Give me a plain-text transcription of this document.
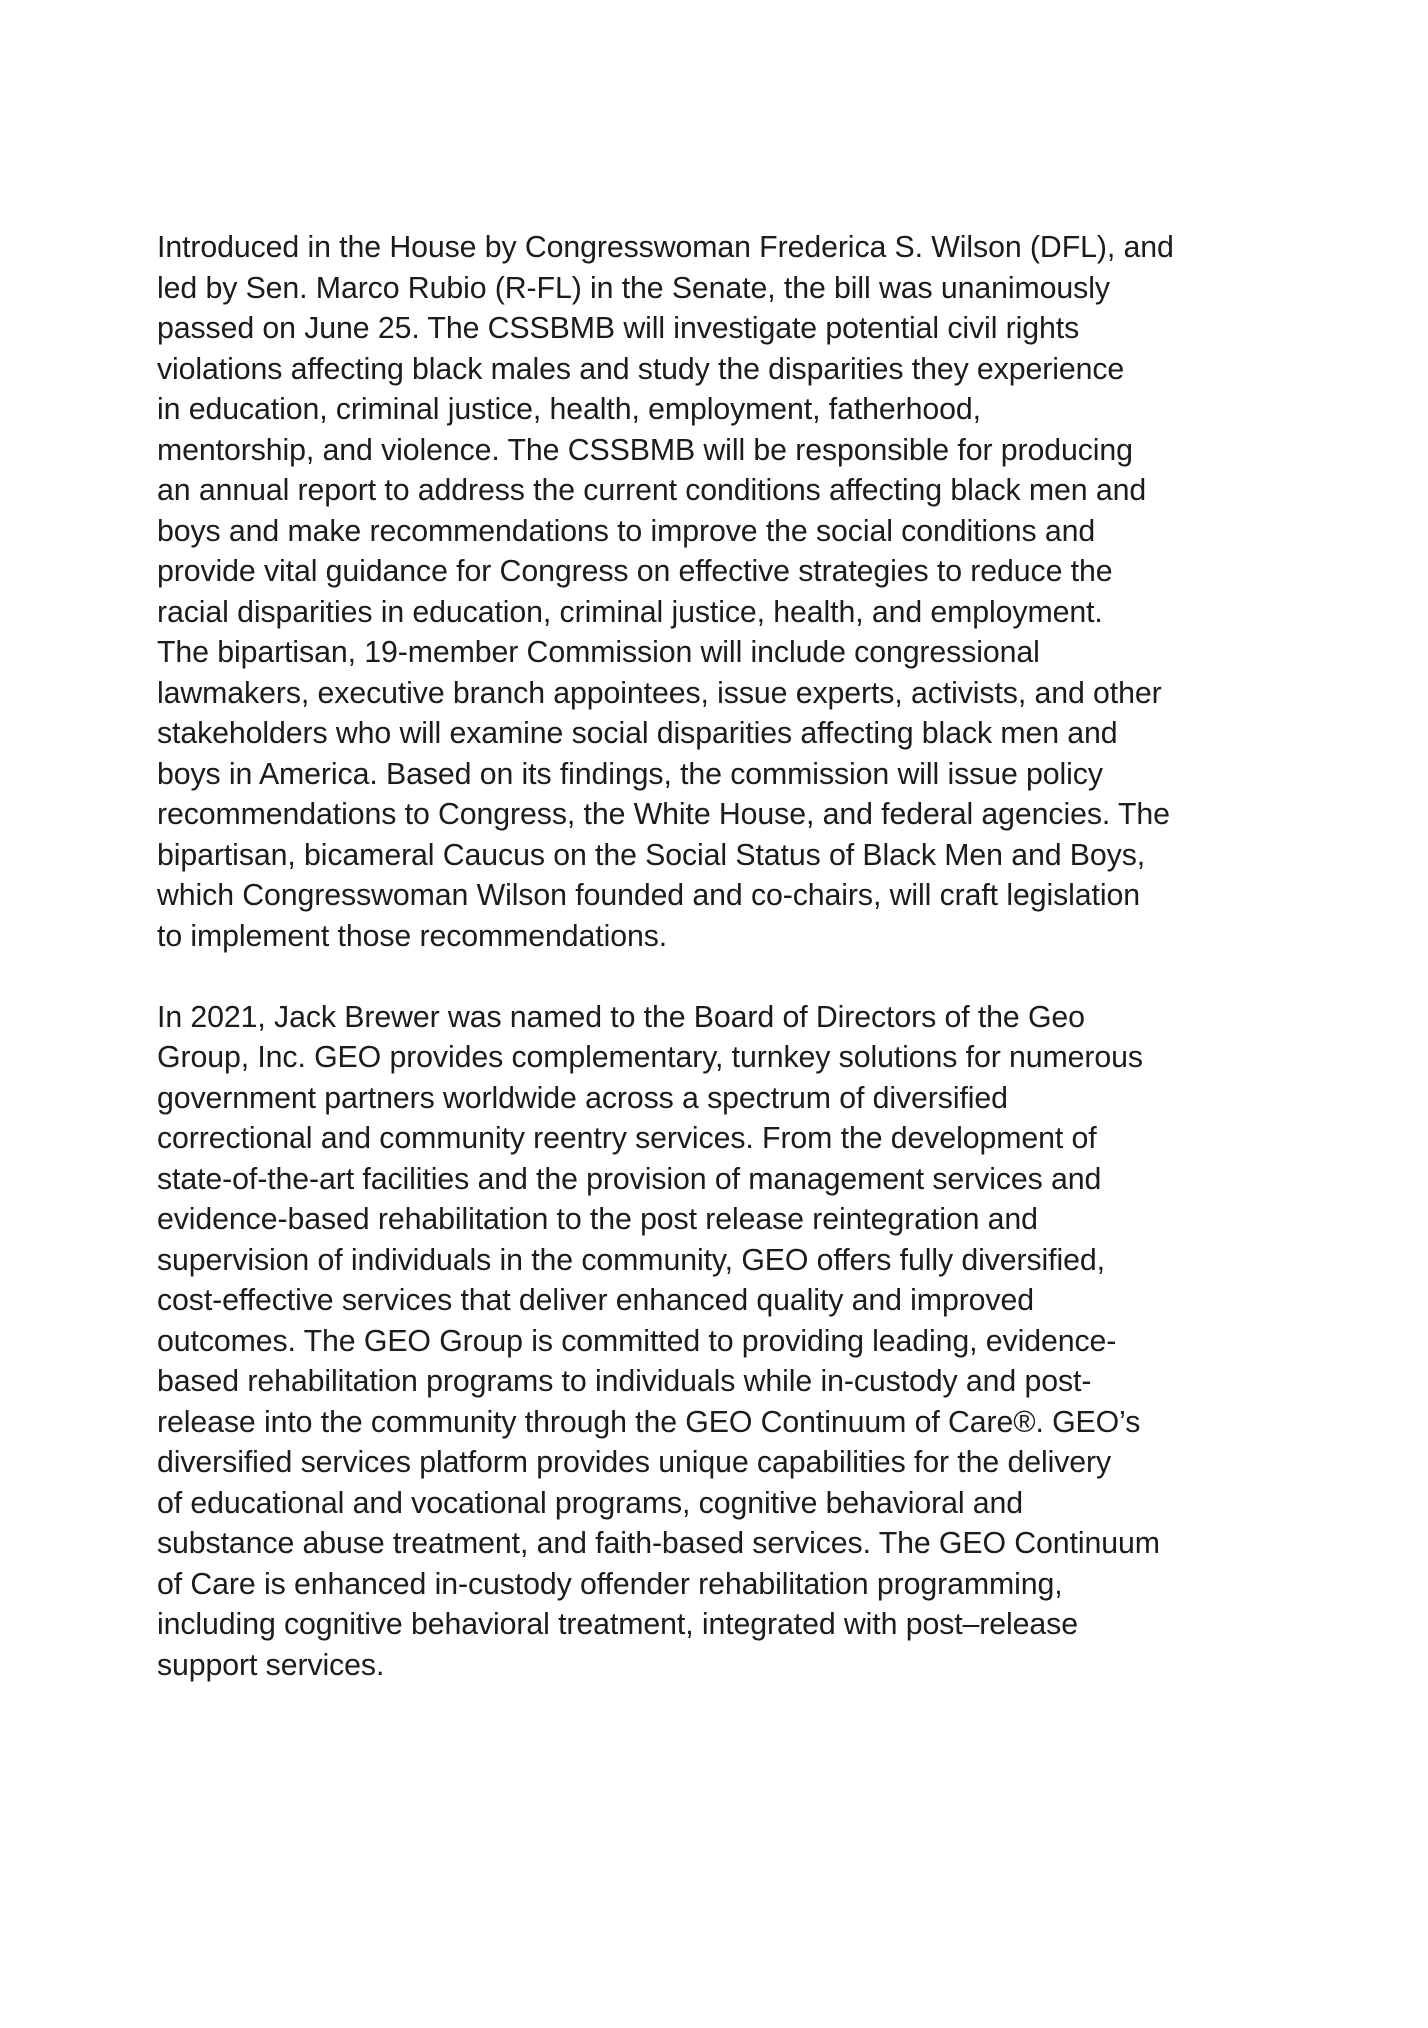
Introduced in the House by Congresswoman Frederica S. Wilson (DFL), and
led by Sen. Marco Rubio (R-FL) in the Senate, the bill was unanimously
passed on June 25. The CSSBMB will investigate potential civil rights
violations affecting black males and study the disparities they experience
in education, criminal justice, health, employment, fatherhood,
mentorship, and violence. The CSSBMB will be responsible for producing
an annual report to address the current conditions affecting black men and
boys and make recommendations to improve the social conditions and
provide vital guidance for Congress on effective strategies to reduce the
racial disparities in education, criminal justice, health, and employment.
The bipartisan, 19-member Commission will include congressional
lawmakers, executive branch appointees, issue experts, activists, and other
stakeholders who will examine social disparities affecting black men and
boys in America. Based on its findings, the commission will issue policy
recommendations to Congress, the White House, and federal agencies. The
bipartisan, bicameral Caucus on the Social Status of Black Men and Boys,
which Congresswoman Wilson founded and co-chairs, will craft legislation
to implement those recommendations.
In 2021, Jack Brewer was named to the Board of Directors of the Geo
Group, Inc. GEO provides complementary, turnkey solutions for numerous
government partners worldwide across a spectrum of diversified
correctional and community reentry services. From the development of
state-of-the-art facilities and the provision of management services and
evidence-based rehabilitation to the post release reintegration and
supervision of individuals in the community, GEO offers fully diversified,
cost-effective services that deliver enhanced quality and improved
outcomes. The GEO Group is committed to providing leading, evidence-
based rehabilitation programs to individuals while in-custody and post-
release into the community through the GEO Continuum of Care®. GEO’s
diversified services platform provides unique capabilities for the delivery
of educational and vocational programs, cognitive behavioral and
substance abuse treatment, and faith-based services. The GEO Continuum
of Care is enhanced in-custody offender rehabilitation programming,
including cognitive behavioral treatment, integrated with post–release
support services.
